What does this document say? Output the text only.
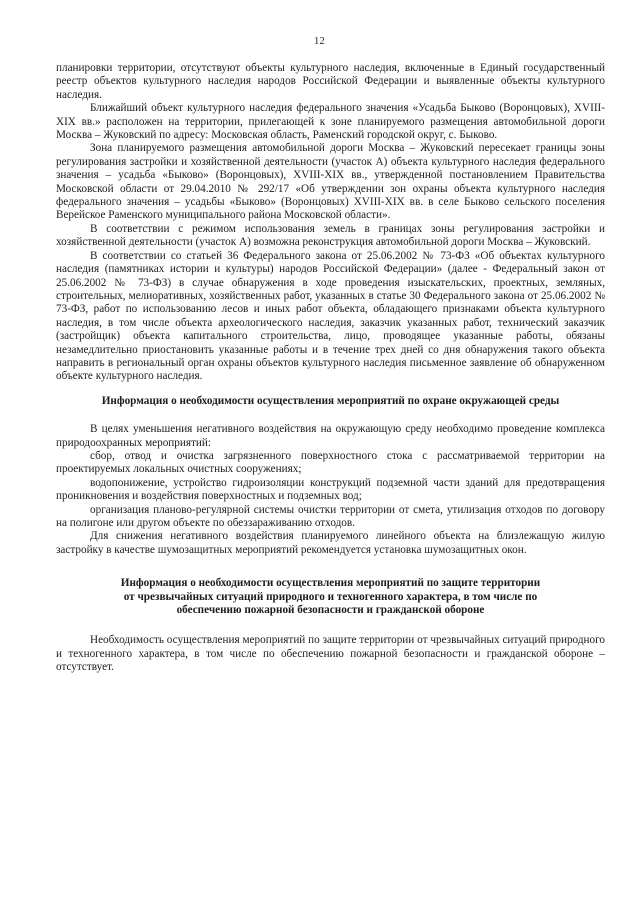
12

планировки территории, отсутствуют объекты культурного наследия, включенные в Единый государственный реестр объектов культурного наследия народов Российской Федерации и выявленные объекты культурного наследия.

Ближайший объект культурного наследия федерального значения «Усадьба Быково (Воронцовых), XVIII-XIX вв.» расположен на территории, прилегающей к зоне планируемого размещения автомобильной дороги Москва – Жуковский по адресу: Московская область, Раменский городской округ, с. Быково.

Зона планируемого размещения автомобильной дороги Москва – Жуковский пересекает границы зоны регулирования застройки и хозяйственной деятельности (участок А) объекта культурного наследия федерального значения – усадьба «Быково» (Воронцовых), XVIII-XIX вв., утвержденной постановлением Правительства Московской области от 29.04.2010 № 292/17 «Об утверждении зон охраны объекта культурного наследия федерального значения – усадьбы «Быково» (Воронцовых) XVIII-XIX вв. в селе Быково сельского поселения Верейское Раменского муниципального района Московской области».

В соответствии с режимом использования земель в границах зоны регулирования застройки и хозяйственной деятельности (участок А) возможна реконструкция автомобильной дороги Москва – Жуковский.

В соответствии со статьей 36 Федерального закона от 25.06.2002 № 73-ФЗ «Об объектах культурного наследия (памятниках истории и культуры) народов Российской Федерации» (далее - Федеральный закон от 25.06.2002 № 73-ФЗ) в случае обнаружения в ходе проведения изыскательских, проектных, земляных, строительных, мелиоративных, хозяйственных работ, указанных в статье 30 Федерального закона от 25.06.2002 № 73-ФЗ, работ по использованию лесов и иных работ объекта, обладающего признаками объекта культурного наследия, в том числе объекта археологического наследия, заказчик указанных работ, технический заказчик (застройщик) объекта капитального строительства, лицо, проводящее указанные работы, обязаны незамедлительно приостановить указанные работы и в течение трех дней со дня обнаружения такого объекта направить в региональный орган охраны объектов культурного наследия письменное заявление об обнаруженном объекте культурного наследия.

Информация о необходимости осуществления мероприятий по охране окружающей среды

В целях уменьшения негативного воздействия на окружающую среду необходимо проведение комплекса природоохранных мероприятий:

сбор, отвод и очистка загрязненного поверхностного стока с рассматриваемой территории на проектируемых локальных очистных сооружениях;

водопонижение, устройство гидроизоляции конструкций подземной части зданий для предотвращения проникновения и воздействия поверхностных и подземных вод;

организация планово-регулярной системы очистки территории от смета, утилизация отходов по договору на полигоне или другом объекте по обеззараживанию отходов.

Для снижения негативного воздействия планируемого линейного объекта на близлежащую жилую застройку в качестве шумозащитных мероприятий рекомендуется установка шумозащитных окон.

Информация о необходимости осуществления мероприятий по защите территории

от чрезвычайных ситуаций природного и техногенного характера, в том числе по

обеспечению пожарной безопасности и гражданской обороне

Необходимость осуществления мероприятий по защите территории от чрезвычайных ситуаций природного и техногенного характера, в том числе по обеспечению пожарной безопасности и гражданской обороне – отсутствует.
